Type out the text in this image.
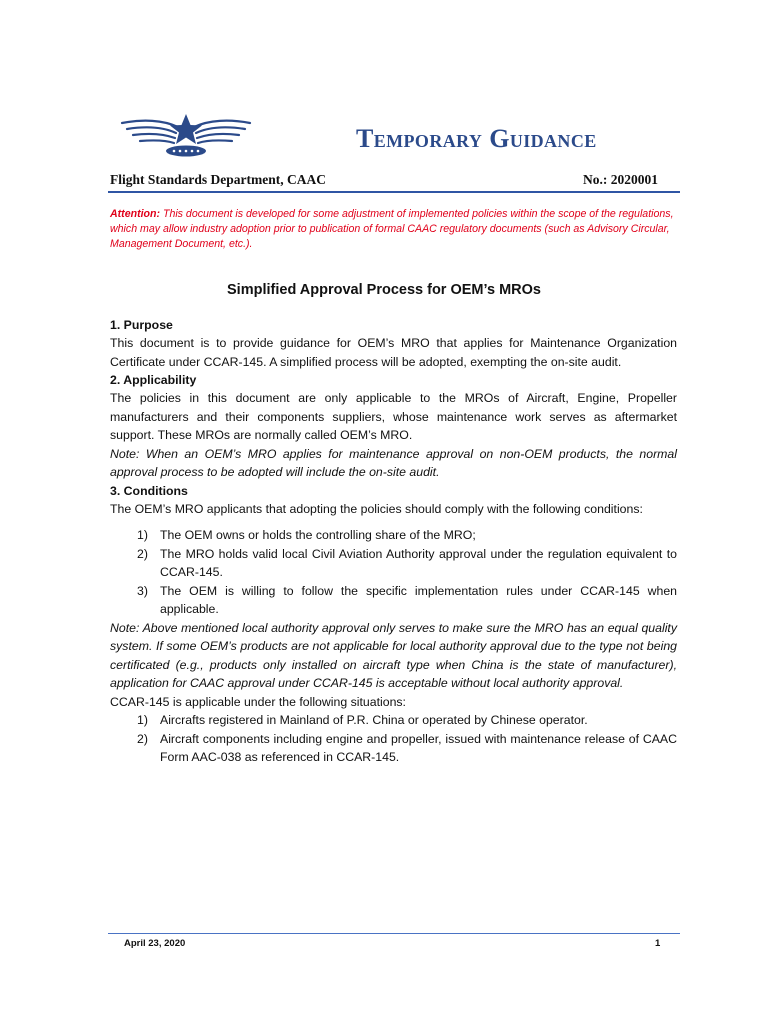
Temporary Guidance
Flight Standards Department, CAAC	No.: 2020001
Attention: This document is developed for some adjustment of implemented policies within the scope of the regulations, which may allow industry adoption prior to publication of formal CAAC regulatory documents (such as Advisory Circular, Management Document, etc.).
Simplified Approval Process for OEM’s MROs
1. Purpose

This document is to provide guidance for OEM’s MRO that applies for Maintenance Organization Certificate under CCAR-145. A simplified process will be adopted, exempting the on-site audit.

2. Applicability

The policies in this document are only applicable to the MROs of Aircraft, Engine, Propeller manufacturers and their components suppliers, whose maintenance work serves as aftermarket support. These MROs are normally called OEM’s MRO.

Note: When an OEM’s MRO applies for maintenance approval on non-OEM products, the normal approval process to be adopted will include the on-site audit.

3. Conditions

The OEM’s MRO applicants that adopting the policies should comply with the following conditions:

1) The OEM owns or holds the controlling share of the MRO;
2) The MRO holds valid local Civil Aviation Authority approval under the regulation equivalent to CCAR-145.
3) The OEM is willing to follow the specific implementation rules under CCAR-145 when applicable.

Note: Above mentioned local authority approval only serves to make sure the MRO has an equal quality system. If some OEM’s products are not applicable for local authority approval due to the type not being certificated (e.g., products only installed on aircraft type when China is the state of manufacturer), application for CAAC approval under CCAR-145 is acceptable without local authority approval.

CCAR-145 is applicable under the following situations:

1) Aircrafts registered in Mainland of P.R. China or operated by Chinese operator.
2) Aircraft components including engine and propeller, issued with maintenance release of CAAC Form AAC-038 as referenced in CCAR-145.
April 23, 2020	1
